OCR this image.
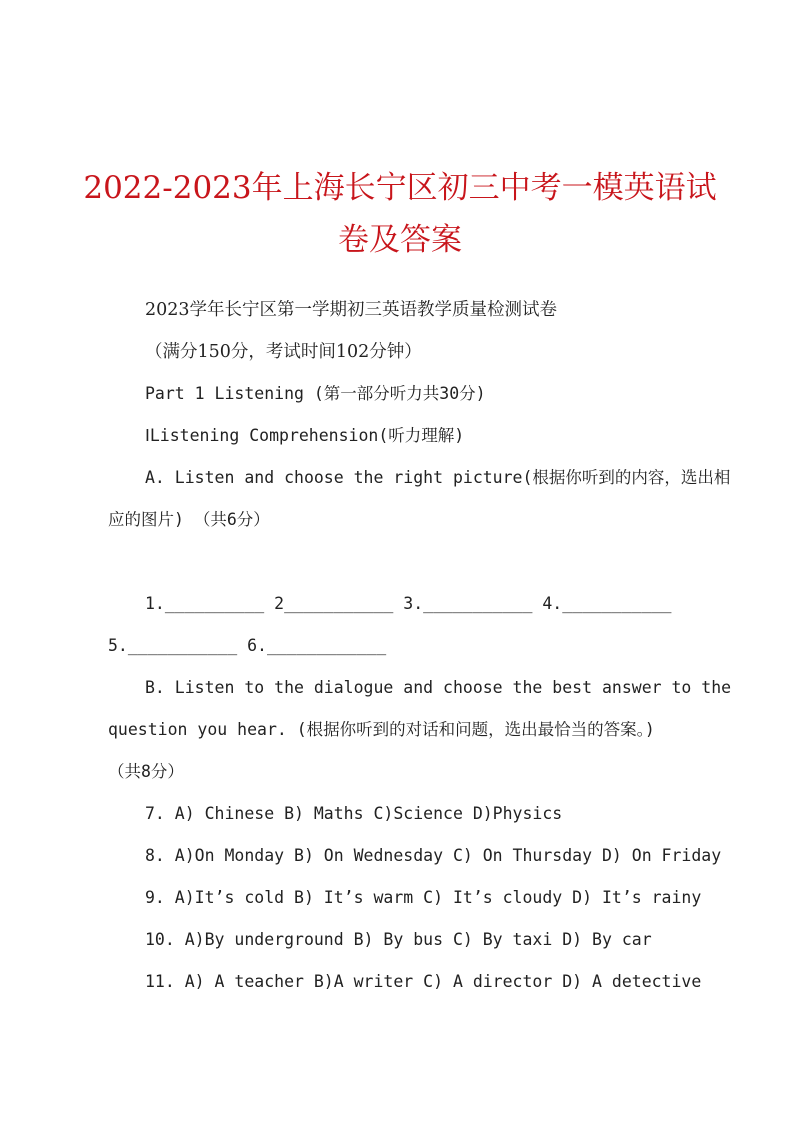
2022-2023年上海长宁区初三中考一模英语试
卷及答案
2023学年长宁区第一学期初三英语教学质量检测试卷
（满分150分，考试时间102分钟）
Part 1 Listening (第一部分听力共30分)
ⅠListening Comprehension(听力理解)
A. Listen and choose the right picture(根据你听到的内容，选出相
应的图片) （共6分）
1.__________ 2___________ 3.___________ 4.___________
5.___________ 6.____________
B. Listen to the dialogue and choose the best answer to the
question you hear. (根据你听到的对话和问题，选出最恰当的答案。)
（共8分）
7. A) Chinese B) Maths C)Science D)Physics
8. A)On Monday B) On Wednesday C) On Thursday D) On Friday
9. A)It’s cold B) It’s warm C) It’s cloudy D) It’s rainy
10. A)By underground B) By bus C) By taxi D) By car
11. A) A teacher B)A writer C) A director D) A detective
